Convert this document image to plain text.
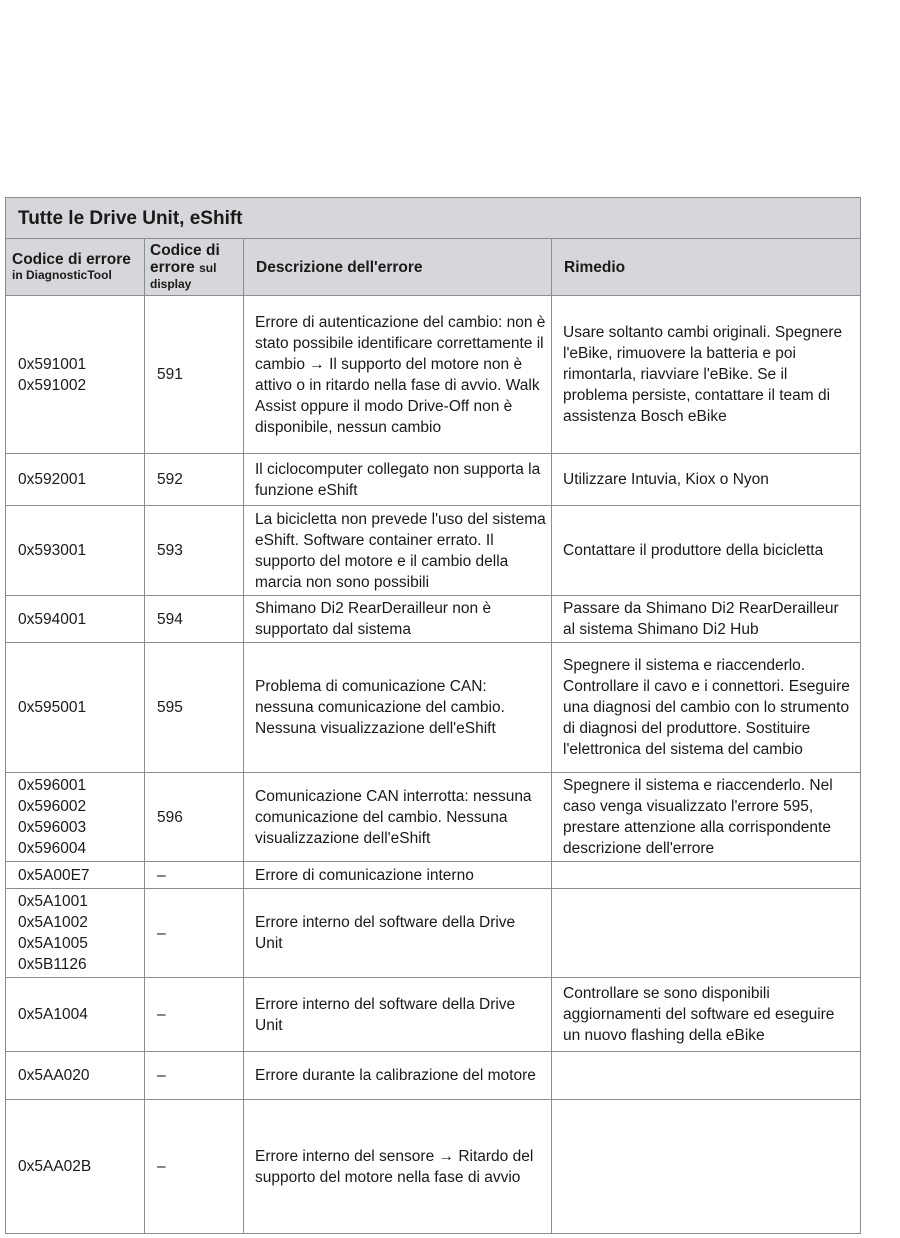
Tutte le Drive Unit, eShift			

Codice di errore
in DiagnosticTool	Codice di
errore sul
display	Descrizione dell'errore	Rimedio

0x591001
0x591002	591	Errore di autenticazione del cambio: non è stato possibile identificare correttamente il cambio → Il supporto del motore non è attivo o in ritardo nella fase di avvio. Walk Assist oppure il modo Drive-Off non è disponibile, nessun cambio	Usare soltanto cambi originali. Spegnere l'eBike, rimuovere la batteria e poi rimontarla, riavviare l'eBike. Se il problema persiste, contattare il team di assistenza Bosch eBike

0x592001	592	Il ciclocomputer collegato non supporta la funzione eShift	Utilizzare Intuvia, Kiox o Nyon

0x593001	593	La bicicletta non prevede l'uso del sistema eShift. Software container errato. Il supporto del motore e il cambio della marcia non sono possibili	Contattare il produttore della bicicletta

0x594001	594	Shimano Di2 RearDerailleur non è supportato dal sistema	Passare da Shimano Di2 RearDerailleur al sistema Shimano Di2 Hub

0x595001	595	Problema di comunicazione CAN: nessuna comunicazione del cambio. Nessuna visualizzazione dell'eShift	Spegnere il sistema e riaccenderlo. Controllare il cavo e i connettori. Eseguire una diagnosi del cambio con lo strumento di diagnosi del produttore. Sostituire l'elettronica del sistema del cambio

0x596001
0x596002
0x596003
0x596004	596	Comunicazione CAN interrotta: nessuna comunicazione del cambio. Nessuna visualizzazione dell'eShift	Spegnere il sistema e riaccenderlo. Nel caso venga visualizzato l'errore 595, prestare attenzione alla corrispondente descrizione dell'errore

0x5A00E7	–	Errore di comunicazione interno	

0x5A1001
0x5A1002
0x5A1005
0x5B1126	–	Errore interno del software della Drive Unit	

0x5A1004	–	Errore interno del software della Drive Unit	Controllare se sono disponibili aggiornamenti del software ed eseguire un nuovo flashing della eBike

0x5AA020	–	Errore durante la calibrazione del motore	

0x5AA02B	–	Errore interno del sensore → Ritardo del supporto del motore nella fase di avvio	
